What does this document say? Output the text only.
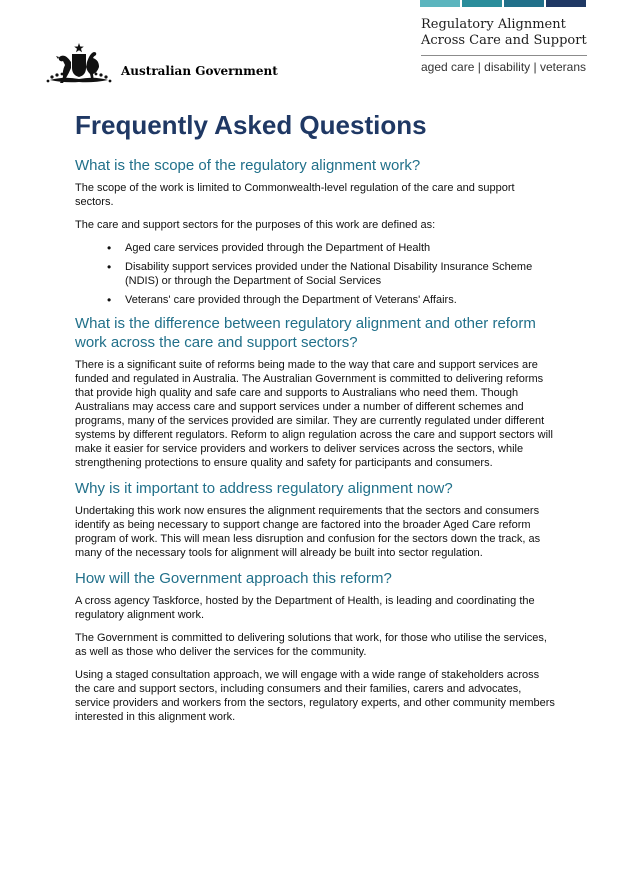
Regulatory Alignment
Across Care and Support
aged care | disability | veterans
Australian Government
Frequently Asked Questions
What is the scope of the regulatory alignment work?

The scope of the work is limited to Commonwealth-level regulation of the care and support sectors.

The care and support sectors for the purposes of this work are defined as:

• Aged care services provided through the Department of Health
• Disability support services provided under the National Disability Insurance Scheme (NDIS) or through the Department of Social Services
• Veterans' care provided through the Department of Veterans' Affairs.
What is the difference between regulatory alignment and other reform work across the care and support sectors?

There is a significant suite of reforms being made to the way that care and support services are funded and regulated in Australia. The Australian Government is committed to delivering reforms that provide high quality and safe care and supports to Australians who need them. Though Australians may access care and support services under a number of different schemes and programs, many of the services provided are similar. They are currently regulated under different systems by different regulators. Reform to align regulation across the care and support sectors will make it easier for service providers and workers to deliver services across the sectors, while strengthening protections to ensure quality and safety for participants and consumers.

Why is it important to address regulatory alignment now?

Undertaking this work now ensures the alignment requirements that the sectors and consumers identify as being necessary to support change are factored into the broader Aged Care reform program of work. This will mean less disruption and confusion for the sectors down the track, as many of the necessary tools for alignment will already be built into sector regulation.

How will the Government approach this reform?

A cross agency Taskforce, hosted by the Department of Health, is leading and coordinating the regulatory alignment work.

The Government is committed to delivering solutions that work, for those who utilise the services, as well as those who deliver the services for the community.

Using a staged consultation approach, we will engage with a wide range of stakeholders across the care and support sectors, including consumers and their families, carers and advocates, service providers and workers from the sectors, regulatory experts, and other community members interested in this alignment work.
